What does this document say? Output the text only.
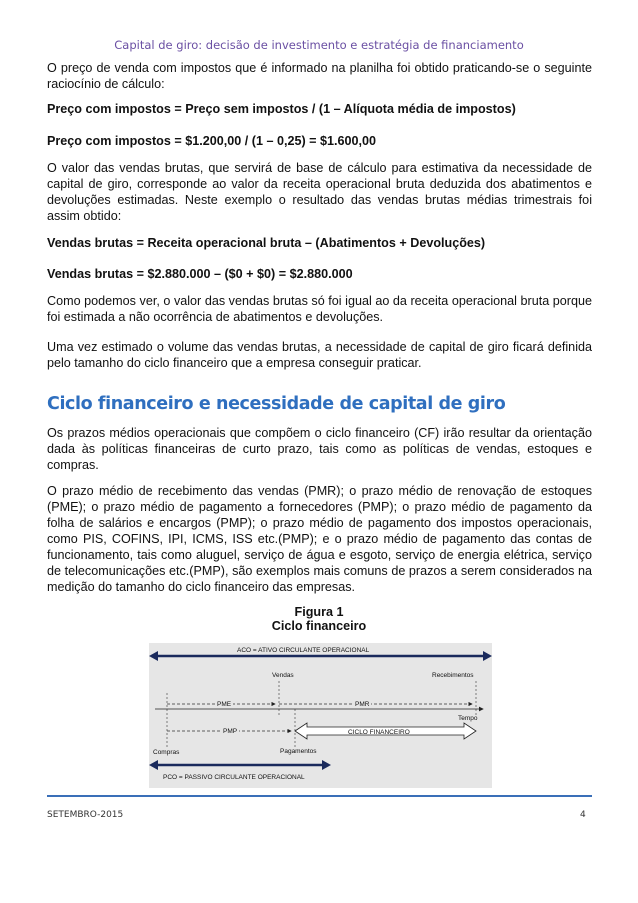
Capital de giro: decisão de investimento e estratégia de financiamento
O preço de venda com impostos que é informado na planilha foi obtido praticando-se o seguinte raciocínio de cálculo:
Preço com impostos = Preço sem impostos / (1 – Alíquota média de impostos)
Preço com impostos = $1.200,00 / (1 – 0,25) = $1.600,00
O valor das vendas brutas, que servirá de base de cálculo para estimativa da necessidade de capital de giro, corresponde ao valor da receita operacional bruta deduzida dos abatimentos e devoluções estimadas. Neste exemplo o resultado das vendas brutas médias trimestrais foi assim obtido:
Vendas brutas = Receita operacional bruta – (Abatimentos + Devoluções)
Vendas brutas = $2.880.000 – ($0 + $0) = $2.880.000
Como podemos ver, o valor das vendas brutas só foi igual ao da receita operacional bruta porque foi estimada a não ocorrência de abatimentos e devoluções.
Uma vez estimado o volume das vendas brutas, a necessidade de capital de giro ficará definida pelo tamanho do ciclo financeiro que a empresa conseguir praticar.
Ciclo financeiro e necessidade de capital de giro
Os prazos médios operacionais que compõem o ciclo financeiro (CF) irão resultar da orientação dada às políticas financeiras de curto prazo, tais como as políticas de vendas, estoques e compras.
O prazo médio de recebimento das vendas (PMR); o prazo médio de renovação de estoques (PME); o prazo médio de pagamento a fornecedores (PMP); o prazo médio de pagamento da folha de salários e encargos (PMP); o prazo médio de pagamento dos impostos operacionais, como PIS, COFINS, IPI, ICMS, ISS etc.(PMP); e o prazo médio de pagamento das contas de funcionamento, tais como aluguel, serviço de água e esgoto, serviço de energia elétrica, serviço de telecomunicações etc.(PMP), são exemplos mais comuns de prazos a serem considerados na medição do tamanho do ciclo financeiro das empresas.
Figura 1
Ciclo financeiro
ACO = ATIVO CIRCULANTE OPERACIONAL
Vendas	Recebimentos
PME	PMR
Tempo
PMP	CICLO FINANCEIRO
Compras	Pagamentos
PCO = PASSIVO CIRCULANTE OPERACIONAL
SETEMBRO-2015	4
